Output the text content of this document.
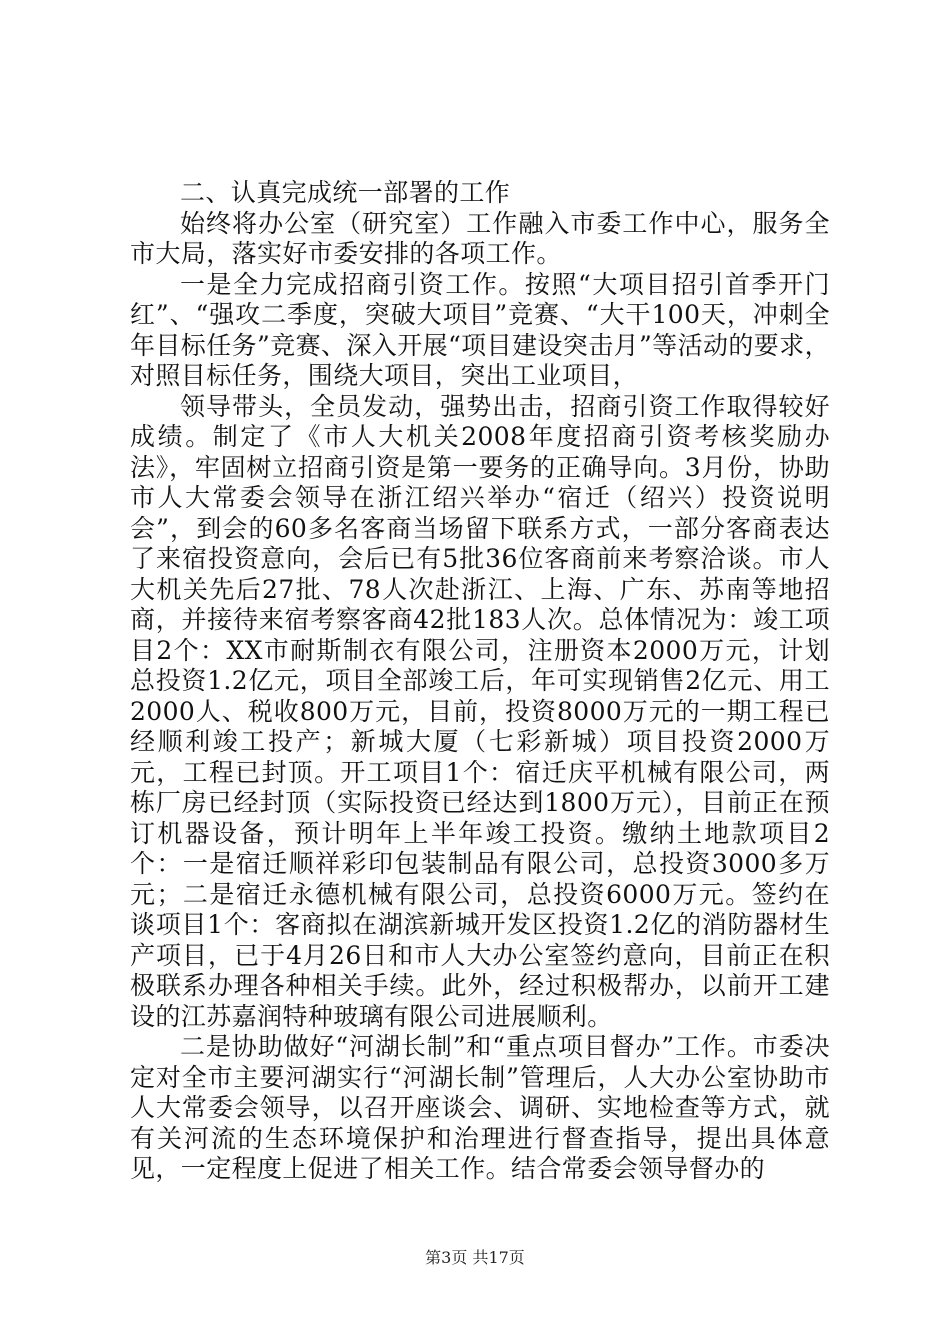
二、认真完成统一部署的工作

始终将办公室（研究室）工作融入市委工作中心，服务全市大局，落实好市委安排的各项工作。

一是全力完成招商引资工作。按照“大项目招引首季开门红”、“强攻二季度，突破大项目”竞赛、“大干100天，冲刺全年目标任务”竞赛、深入开展“项目建设突击月”等活动的要求，对照目标任务，围绕大项目，突出工业项目，

领导带头，全员发动，强势出击，招商引资工作取得较好成绩。制定了《市人大机关2008年度招商引资考核奖励办法》，牢固树立招商引资是第一要务的正确导向。3月份，协助市人大常委会领导在浙江绍兴举办“宿迁（绍兴）投资说明会”，到会的60多名客商当场留下联系方式，一部分客商表达了来宿投资意向，会后已有5批36位客商前来考察洽谈。市人大机关先后27批、78人次赴浙江、上海、广东、苏南等地招商，并接待来宿考察客商42批183人次。总体情况为：竣工项目2个：XX市耐斯制衣有限公司，注册资本2000万元，计划总投资1.2亿元，项目全部竣工后，年可实现销售2亿元、用工2000人、税收800万元，目前，投资8000万元的一期工程已经顺利竣工投产；新城大厦（七彩新城）项目投资2000万元，工程已封顶。开工项目1个：宿迁庆平机械有限公司，两栋厂房已经封顶（实际投资已经达到1800万元），目前正在预订机器设备，预计明年上半年竣工投资。缴纳土地款项目2个：一是宿迁顺祥彩印包装制品有限公司，总投资3000多万元；二是宿迁永德机械有限公司，总投资6000万元。签约在谈项目1个：客商拟在湖滨新城开发区投资1.2亿的消防器材生产项目，已于4月26日和市人大办公室签约意向，目前正在积极联系办理各种相关手续。此外，经过积极帮办，以前开工建设的江苏嘉润特种玻璃有限公司进展顺利。

二是协助做好“河湖长制”和“重点项目督办”工作。市委决定对全市主要河湖实行“河湖长制”管理后，人大办公室协助市人大常委会领导，以召开座谈会、调研、实地检查等方式，就有关河流的生态环境保护和治理进行督查指导，提出具体意见，一定程度上促进了相关工作。结合常委会领导督办的

第3页 共17页
